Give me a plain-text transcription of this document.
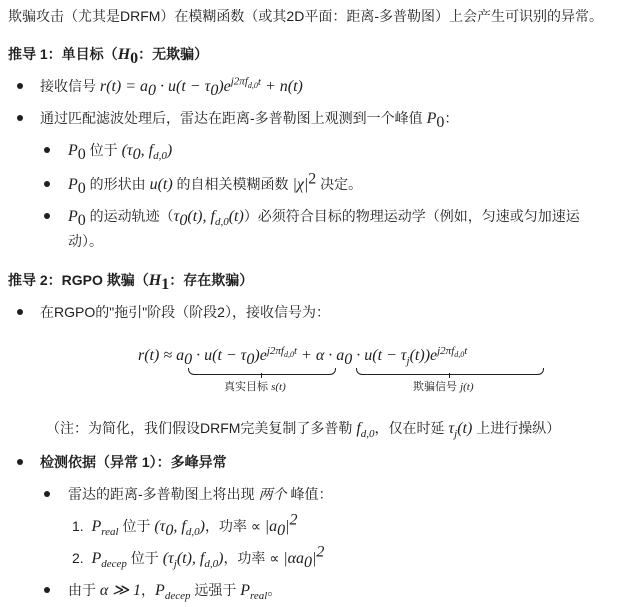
欺骗攻击（尤其是DRFM）在模糊函数（或其2D平面：距离-多普勒图）上会产生可识别的异常。
推导 1：单目标（$H_0$：无欺骗）
接收信号 $r(t) = a_0 \cdot u(t - \tau_0)e^{j2\pi f_{d,0}t} + n(t)$
通过匹配滤波处理后，雷达在距离-多普勒图上观测到一个峰值 $P_0$：
$P_0$ 位于 ($\tau_0$, $f_{d,0}$)
$P_0$ 的形状由 u(t) 的自相关模糊函数 $|\chi|^2$ 决定。
$P_0$ 的运动轨迹（$\tau_0(t)$, $f_{d,0}(t)$）必须符合目标的物理运动学（例如，匀速或匀加速运
动）。
推导 2：RGPO 欺骗（$H_1$：存在欺骗）
在RGPO的"拖引"阶段（阶段2），接收信号为：
$r(t) \approx a_0 \cdot u(t - \tau_0)e^{j2\pi f_{d,0}t} + \alpha \cdot a_0 \cdot u(t - \tau_j(t))e^{j2\pi f_{d,0}t}$
真实目标 s(t)	欺骗信号 j(t)
（注：为简化，我们假设DRFM完美复制了多普勒 $f_{d,0}$，仅在时延 $\tau_j(t)$ 上进行操纵）
检测依据（异常 1）：多峰异常
雷达的距离-多普勒图上将出现 两个 峰值：
1. $P_{real}$ 位于 ($\tau_0$, $f_{d,0}$)，功率 ∝ $|a_0|^2$
2. $P_{decep}$ 位于 ($\tau_j(t)$, $f_{d,0}$)，功率 ∝ $|\alpha a_0|^2$
由于 α ≫ 1，$P_{decep}$ 远强于 $P_{real}$。
